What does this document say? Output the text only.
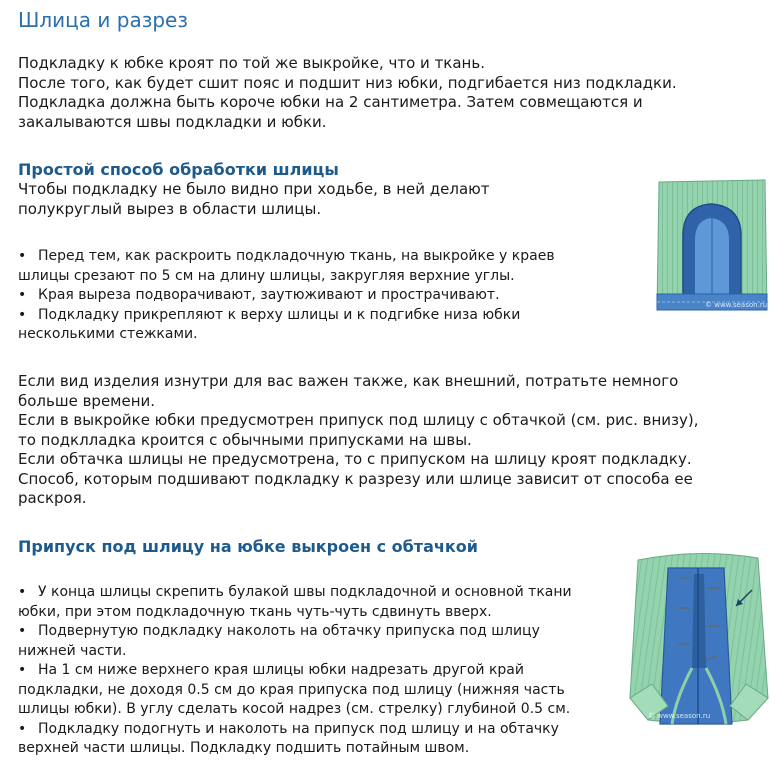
Шлица и разрез

Подкладку к юбке кроят по той же выкройке, что и ткань.
После того, как будет сшит пояс и подшит низ юбки, подгибается низ подкладки.
Подкладка должна быть короче юбки на 2 сантиметра. Затем совмещаются и
закалываются швы подкладки и юбки.

Простой способ обработки шлицы

Чтобы подкладку не было видно при ходьбе, в ней делают
полукруглый вырез в области шлицы.

• Перед тем, как раскроить подкладочную ткань, на выкройке у краев
шлицы срезают по 5 см на длину шлицы, закругляя верхние углы.
• Края выреза подворачивают, заутюживают и прострачивают.
• Подкладку прикрепляют к верху шлицы и к подгибке низа юбки
несколькими стежками.
© www.season.ru

Если вид изделия изнутри для вас важен также, как внешний, потратьте немного
больше времени.
Если в выкройке юбки предусмотрен припуск под шлицу с обтачкой (см. рис. внизу),
то подклладка кроится с обычными припусками на швы.
Если обтачка шлицы не предусмотрена, то с припуском на шлицу кроят подкладку.
Способ, которым подшивают подкладку к разрезу или шлице зависит от способа ее
раскроя.

Припуск под шлицу на юбке выкроен с обтачкой
• У конца шлицы скрепить булакой швы подкладочной и основной ткани
юбки, при этом подкладочную ткань чуть-чуть сдвинуть вверх.
• Подвернутую подкладку наколоть на обтачку припуска под шлицу
нижней части.
• На 1 см ниже верхнего края шлицы юбки надрезать другой край
подкладки, не доходя 0.5 см до края припуска под шлицу (нижняя часть
шлицы юбки). В углу сделать косой надрез (см. стрелку) глубиной 0.5 см.
• Подкладку подогнуть и наколоть на припуск под шлицу и на обтачку
верхней части шлицы. Подкладку подшить потайным швом.
© www.season.ru
